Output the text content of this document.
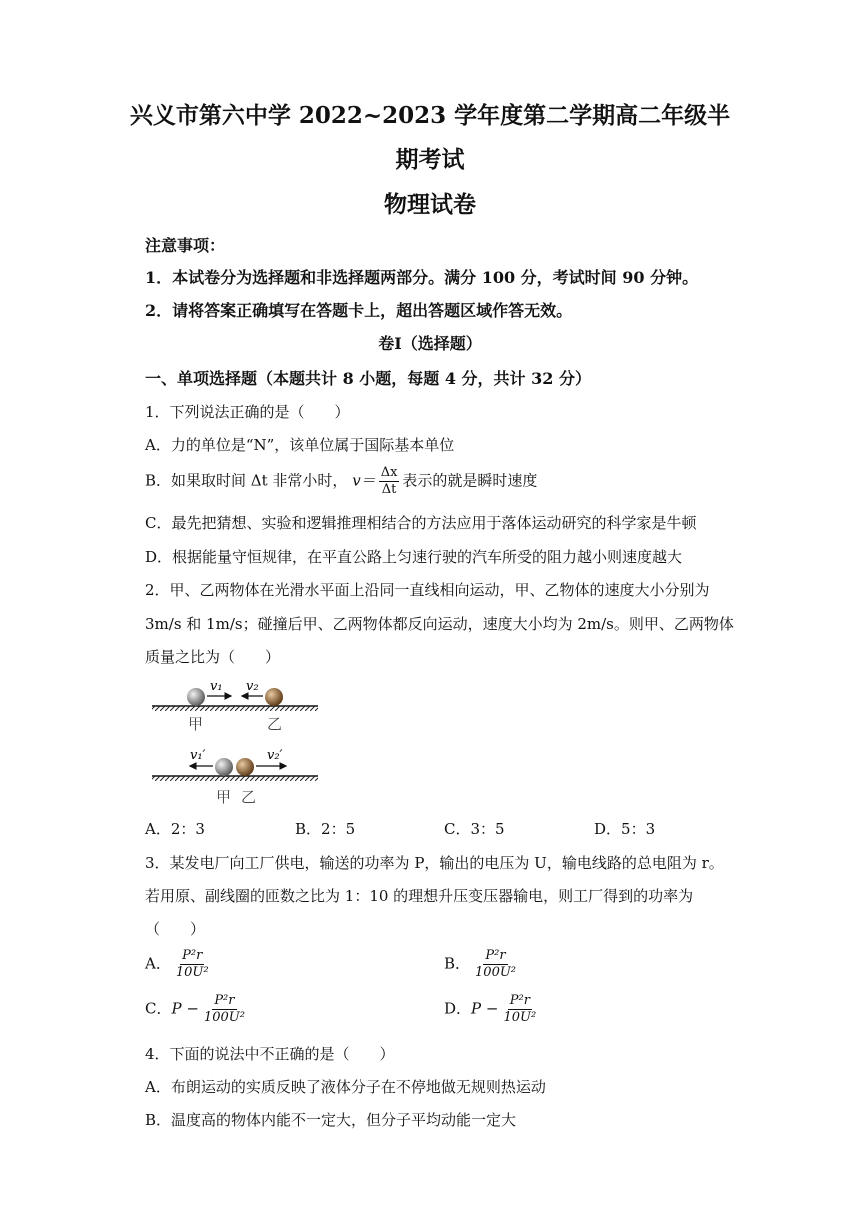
兴义市第六中学 2022~2023 学年度第二学期高二年级半
期考试
物理试卷
注意事项：
1．本试卷分为选择题和非选择题两部分。满分 100 分，考试时间 90 分钟。
2．请将答案正确填写在答题卡上，超出答题区域作答无效。
卷Ⅰ（选择题）
一、单项选择题（本题共计 8 小题，每题 4 分，共计 32 分）
1．下列说法正确的是（　　）
A．力的单位是“N”，该单位属于国际基本单位
B．如果取时间 Δt 非常小时， $v= \frac{\Delta x}{\Delta t}$ 表示的就是瞬时速度
C．最先把猜想、实验和逻辑推理相结合的方法应用于落体运动研究的科学家是牛顿
D．根据能量守恒规律，在平直公路上匀速行驶的汽车所受的阻力越小则速度越大
2．甲、乙两物体在光滑水平面上沿同一直线相向运动，甲、乙物体的速度大小分别为
3m/s 和 1m/s；碰撞后甲、乙两物体都反向运动，速度大小均为 2m/s。则甲、乙两物体
质量之比为（　　）
v₁ v₂
甲	乙
v₁′	v₂′
甲 乙
A．2：3	B．2：5	C．3：5	D．5：3
3．某发电厂向工厂供电，输送的功率为 P，输出的电压为 U，输电线路的总电阻为 r。
若用原、副线圈的匝数之比为 1：10 的理想升压变压器输电，则工厂得到的功率为
（　　）
A． $\frac{\text{P²r}}{\text{10U²}}$	B． $\frac{\text{P²r}}{\text{100U²}}$
C．$P - \frac{\text{P²r}}{\text{100U²}}$	D．$P - \frac{\text{P²r}}{\text{10U²}}$
4．下面的说法中不正确的是（　　）
A．布朗运动的实质反映了液体分子在不停地做无规则热运动
B．温度高的物体内能不一定大，但分子平均动能一定大
